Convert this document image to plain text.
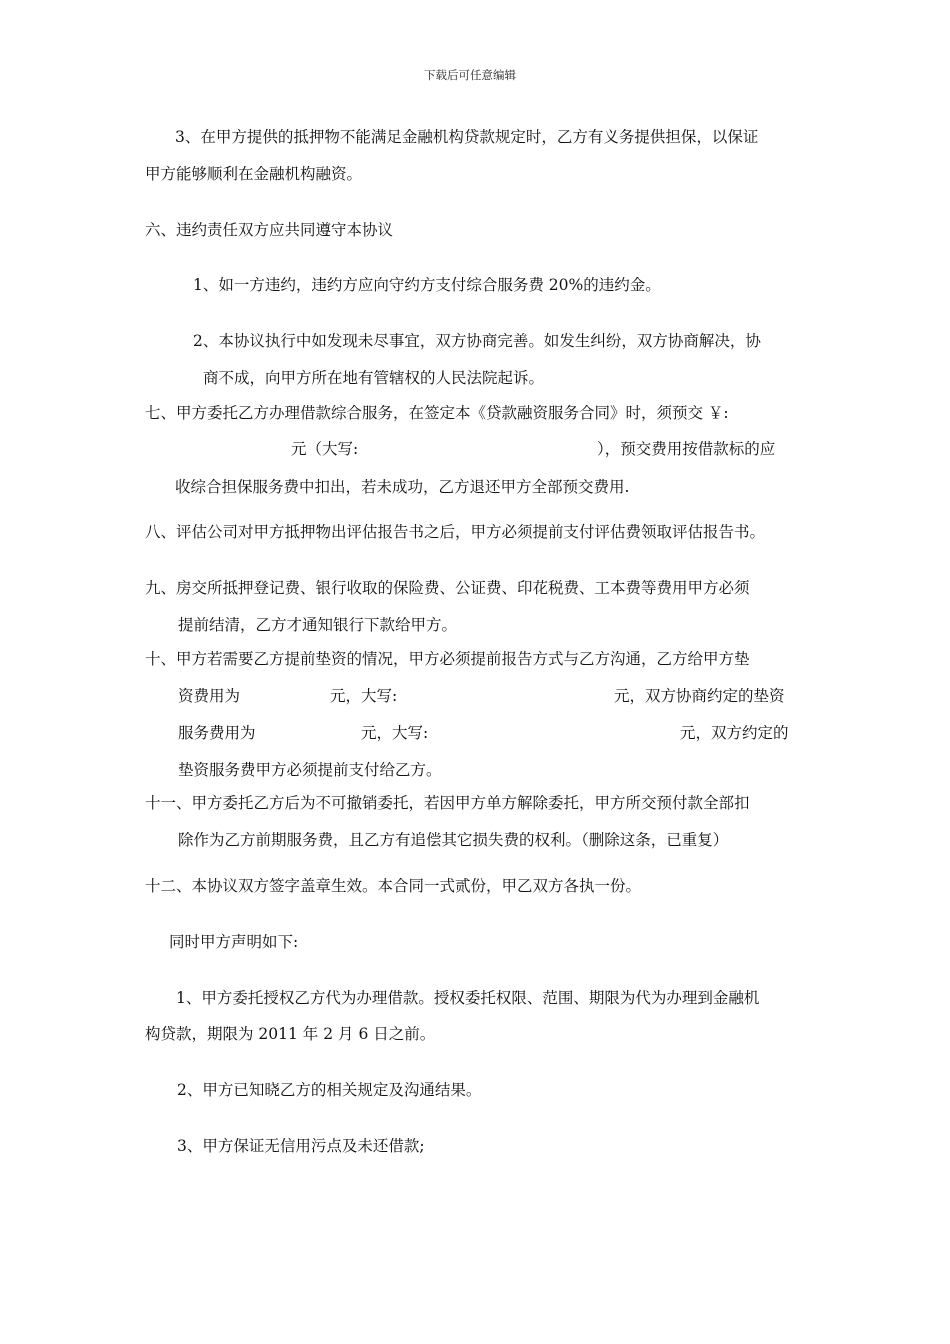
下载后可任意编辑
3、在甲方提供的抵押物不能满足金融机构贷款规定时，乙方有义务提供担保，以保证
甲方能够顺利在金融机构融资。
六、违约责任双方应共同遵守本协议
1、如一方违约，违约方应向守约方支付综合服务费 20%的违约金。
2、本协议执行中如发现未尽事宜，双方协商完善。如发生纠纷，双方协商解决，协
商不成，向甲方所在地有管辖权的人民法院起诉。
七、甲方委托乙方办理借款综合服务，在签定本《贷款融资服务合同》时，须预交 ￥:
元（大写:	），预交费用按借款标的应
收综合担保服务费中扣出，若未成功，乙方退还甲方全部预交费用.
八、评估公司对甲方抵押物出评估报告书之后，甲方必须提前支付评估费领取评估报告书。
九、房交所抵押登记费、银行收取的保险费、公证费、印花税费、工本费等费用甲方必须
提前结清，乙方才通知银行下款给甲方。
十、甲方若需要乙方提前垫资的情况，甲方必须提前报告方式与乙方沟通，乙方给甲方垫
资费用为	元，大写:	元，双方协商约定的垫资
服务费用为	元，大写:	元，双方约定的
垫资服务费甲方必须提前支付给乙方。
十一、甲方委托乙方后为不可撤销委托，若因甲方单方解除委托，甲方所交预付款全部扣
除作为乙方前期服务费，且乙方有追偿其它损失费的权利。（删除这条，已重复）
十二、本协议双方签字盖章生效。本合同一式贰份，甲乙双方各执一份。
同时甲方声明如下:
1、甲方委托授权乙方代为办理借款。授权委托权限、范围、期限为代为办理到金融机
构贷款，期限为 2011 年 2 月 6 日之前。
2、甲方已知晓乙方的相关规定及沟通结果。
3、甲方保证无信用污点及未还借款;
